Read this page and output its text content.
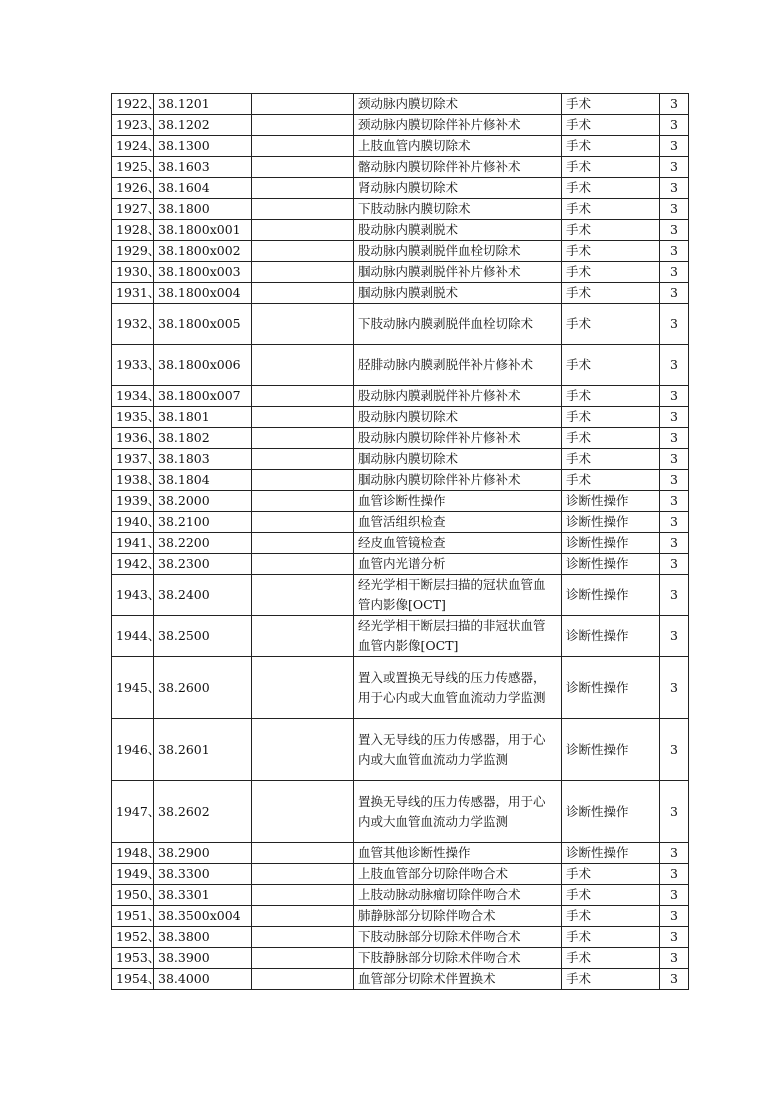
1922、	38.1201		颈动脉内膜切除术	手术	3
1923、	38.1202		颈动脉内膜切除伴补片修补术	手术	3
1924、	38.1300		上肢血管内膜切除术	手术	3
1925、	38.1603		髂动脉内膜切除伴补片修补术	手术	3
1926、	38.1604		肾动脉内膜切除术	手术	3
1927、	38.1800		下肢动脉内膜切除术	手术	3
1928、	38.1800x001		股动脉内膜剥脱术	手术	3
1929、	38.1800x002		股动脉内膜剥脱伴血栓切除术	手术	3
1930、	38.1800x003		腘动脉内膜剥脱伴补片修补术	手术	3
1931、	38.1800x004		腘动脉内膜剥脱术	手术	3
1932、	38.1800x005		下肢动脉内膜剥脱伴血栓切除术	手术	3
1933、	38.1800x006		胫腓动脉内膜剥脱伴补片修补术	手术	3
1934、	38.1800x007		股动脉内膜剥脱伴补片修补术	手术	3
1935、	38.1801		股动脉内膜切除术	手术	3
1936、	38.1802		股动脉内膜切除伴补片修补术	手术	3
1937、	38.1803		腘动脉内膜切除术	手术	3
1938、	38.1804		腘动脉内膜切除伴补片修补术	手术	3
1939、	38.2000		血管诊断性操作	诊断性操作	3
1940、	38.2100		血管活组织检查	诊断性操作	3
1941、	38.2200		经皮血管镜检查	诊断性操作	3
1942、	38.2300		血管内光谱分析	诊断性操作	3
1943、	38.2400		经光学相干断层扫描的冠状血管血管内影像[OCT]	诊断性操作	3
1944、	38.2500		经光学相干断层扫描的非冠状血管血管内影像[OCT]	诊断性操作	3
1945、	38.2600		置入或置换无导线的压力传感器，用于心内或大血管血流动力学监测	诊断性操作	3
1946、	38.2601		置入无导线的压力传感器，用于心内或大血管血流动力学监测	诊断性操作	3
1947、	38.2602		置换无导线的压力传感器，用于心内或大血管血流动力学监测	诊断性操作	3
1948、	38.2900		血管其他诊断性操作	诊断性操作	3
1949、	38.3300		上肢血管部分切除伴吻合术	手术	3
1950、	38.3301		上肢动脉动脉瘤切除伴吻合术	手术	3
1951、	38.3500x004		肺静脉部分切除伴吻合术	手术	3
1952、	38.3800		下肢动脉部分切除术伴吻合术	手术	3
1953、	38.3900		下肢静脉部分切除术伴吻合术	手术	3
1954、	38.4000		血管部分切除术伴置换术	手术	3
